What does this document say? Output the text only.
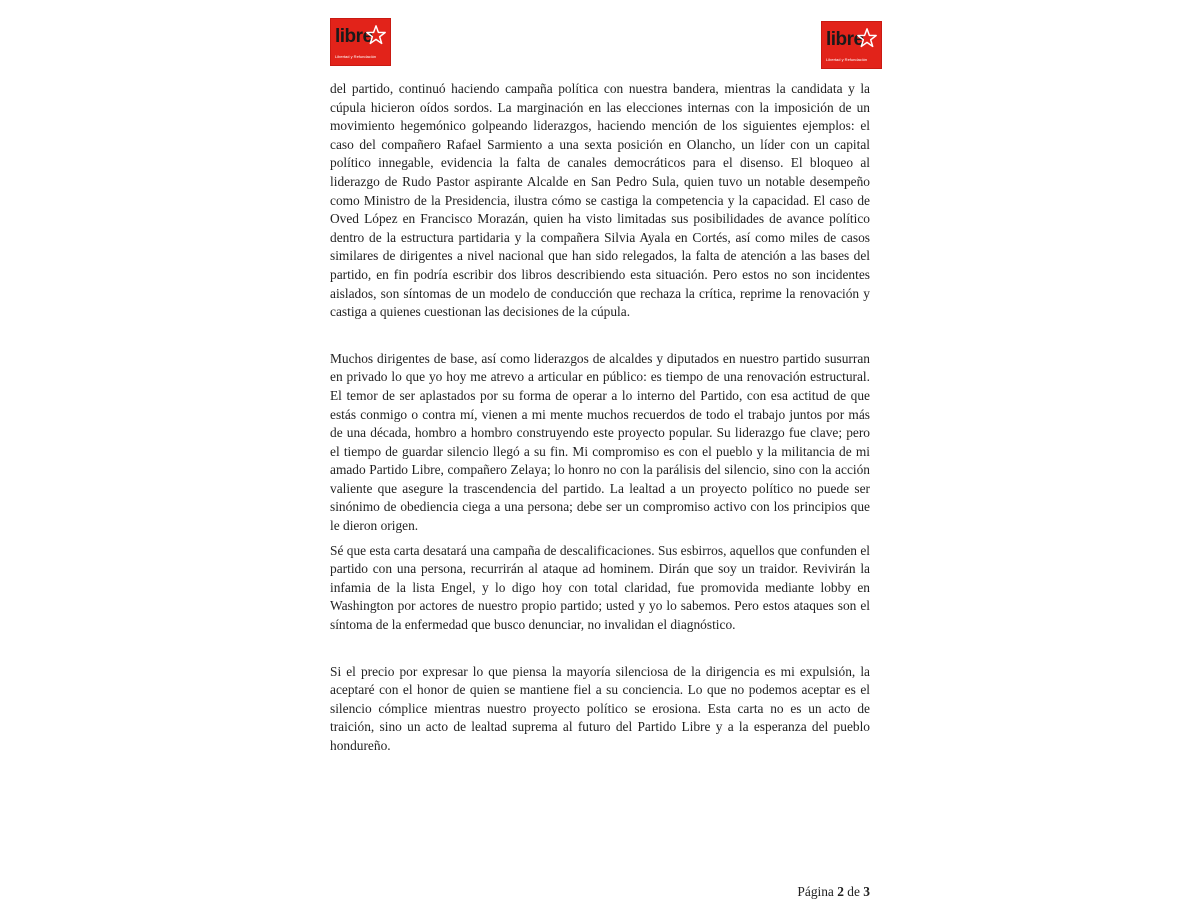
libre
Libertad y Refundación
libre
Libertad y Refundación

del partido, continuó haciendo campaña política con nuestra bandera, mientras la candidata y la cúpula hicieron oídos sordos. La marginación en las elecciones internas con la imposición de un movimiento hegemónico golpeando liderazgos, haciendo mención de los siguientes ejemplos: el caso del compañero Rafael Sarmiento a una sexta posición en Olancho, un líder con un capital político innegable, evidencia la falta de canales democráticos para el disenso. El bloqueo al liderazgo de Rudo Pastor aspirante Alcalde en San Pedro Sula, quien tuvo un notable desempeño como Ministro de la Presidencia, ilustra cómo se castiga la competencia y la capacidad. El caso de Oved López en Francisco Morazán, quien ha visto limitadas sus posibilidades de avance político dentro de la estructura partidaria y la compañera Silvia Ayala en Cortés, así como miles de casos similares de dirigentes a nivel nacional que han sido relegados, la falta de atención a las bases del partido, en fin podría escribir dos libros describiendo esta situación. Pero estos no son incidentes aislados, son síntomas de un modelo de conducción que rechaza la crítica, reprime la renovación y castiga a quienes cuestionan las decisiones de la cúpula.

Muchos dirigentes de base, así como liderazgos de alcaldes y diputados en nuestro partido susurran en privado lo que yo hoy me atrevo a articular en público: es tiempo de una renovación estructural. El temor de ser aplastados por su forma de operar a lo interno del Partido, con esa actitud de que estás conmigo o contra mí, vienen a mi mente muchos recuerdos de todo el trabajo juntos por más de una década, hombro a hombro construyendo este proyecto popular. Su liderazgo fue clave; pero el tiempo de guardar silencio llegó a su fin. Mi compromiso es con el pueblo y la militancia de mi amado Partido Libre, compañero Zelaya; lo honro no con la parálisis del silencio, sino con la acción valiente que asegure la trascendencia del partido. La lealtad a un proyecto político no puede ser sinónimo de obediencia ciega a una persona; debe ser un compromiso activo con los principios que le dieron origen.

Sé que esta carta desatará una campaña de descalificaciones. Sus esbirros, aquellos que confunden el partido con una persona, recurrirán al ataque ad hominem. Dirán que soy un traidor. Revivirán la infamia de la lista Engel, y lo digo hoy con total claridad, fue promovida mediante lobby en Washington por actores de nuestro propio partido; usted y yo lo sabemos. Pero estos ataques son el síntoma de la enfermedad que busco denunciar, no invalidan el diagnóstico.

Si el precio por expresar lo que piensa la mayoría silenciosa de la dirigencia es mi expulsión, la aceptaré con el honor de quien se mantiene fiel a su conciencia. Lo que no podemos aceptar es el silencio cómplice mientras nuestro proyecto político se erosiona. Esta carta no es un acto de traición, sino un acto de lealtad suprema al futuro del Partido Libre y a la esperanza del pueblo hondureño.

Página 2 de 3
